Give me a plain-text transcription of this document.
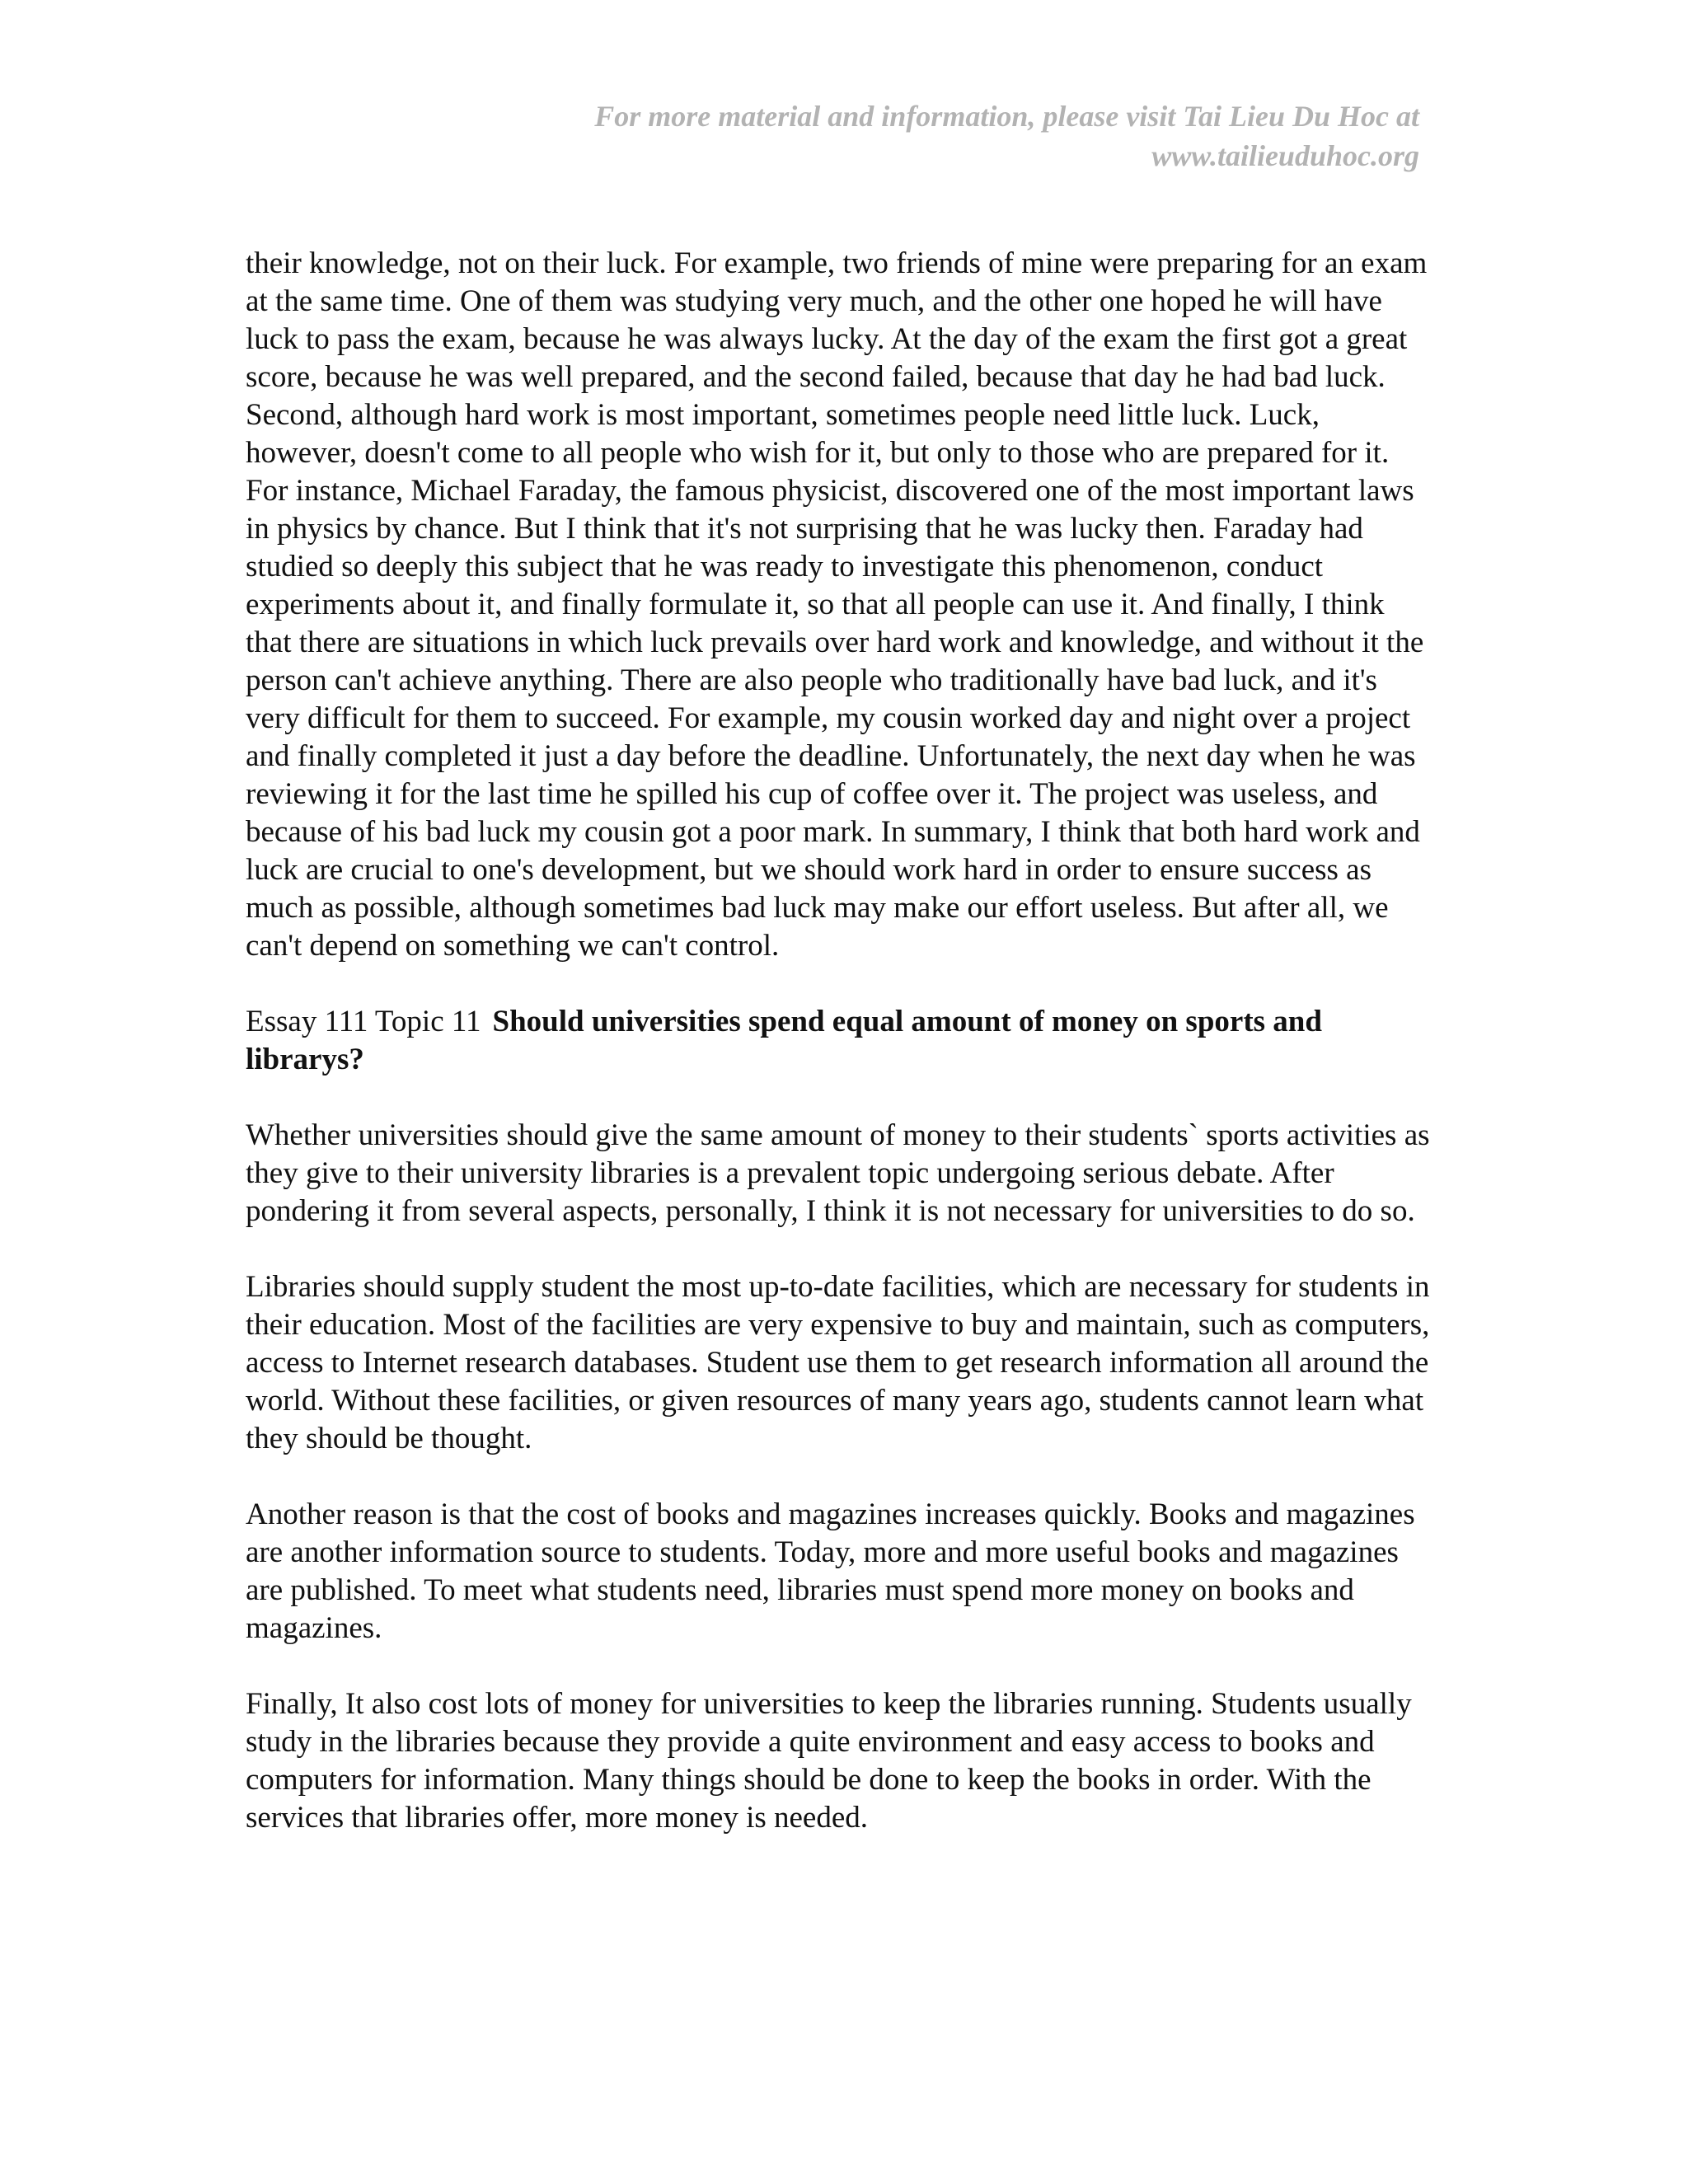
For more material and information, please visit Tai Lieu Du Hoc at
www.tailieuduhoc.org

their knowledge, not on their luck. For example, two friends of mine were preparing for an exam at the same time. One of them was studying very much, and the other one hoped he will have luck to pass the exam, because he was always lucky. At the day of the exam the first got a great score, because he was well prepared, and the second failed, because that day he had bad luck. Second, although hard work is most important, sometimes people need little luck. Luck, however, doesn't come to all people who wish for it, but only to those who are prepared for it. For instance, Michael Faraday, the famous physicist, discovered one of the most important laws in physics by chance. But I think that it's not surprising that he was lucky then. Faraday had studied so deeply this subject that he was ready to investigate this phenomenon, conduct experiments about it, and finally formulate it, so that all people can use it. And finally, I think that there are situations in which luck prevails over hard work and knowledge, and without it the person can't achieve anything. There are also people who traditionally have bad luck, and it's very difficult for them to succeed. For example, my cousin worked day and night over a project and finally completed it just a day before the deadline. Unfortunately, the next day when he was reviewing it for the last time he spilled his cup of coffee over it. The project was useless, and because of his bad luck my cousin got a poor mark. In summary, I think that both hard work and luck are crucial to one's development, but we should work hard in order to ensure success as much as possible, although sometimes bad luck may make our effort useless. But after all, we can't depend on something we can't control.

Essay 111 Topic 11 Should universities spend equal amount of money on sports and librarys?

Whether universities should give the same amount of money to their students` sports activities as they give to their university libraries is a prevalent topic undergoing serious debate. After pondering it from several aspects, personally, I think it is not necessary for universities to do so.

Libraries should supply student the most up-to-date facilities, which are necessary for students in their education. Most of the facilities are very expensive to buy and maintain, such as computers, access to Internet research databases. Student use them to get research information all around the world. Without these facilities, or given resources of many years ago, students cannot learn what they should be thought.

Another reason is that the cost of books and magazines increases quickly. Books and magazines are another information source to students. Today, more and more useful books and magazines are published. To meet what students need, libraries must spend more money on books and magazines.

Finally, It also cost lots of money for universities to keep the libraries running. Students usually study in the libraries because they provide a quite environment and easy access to books and computers for information. Many things should be done to keep the books in order. With the services that libraries offer, more money is needed.
